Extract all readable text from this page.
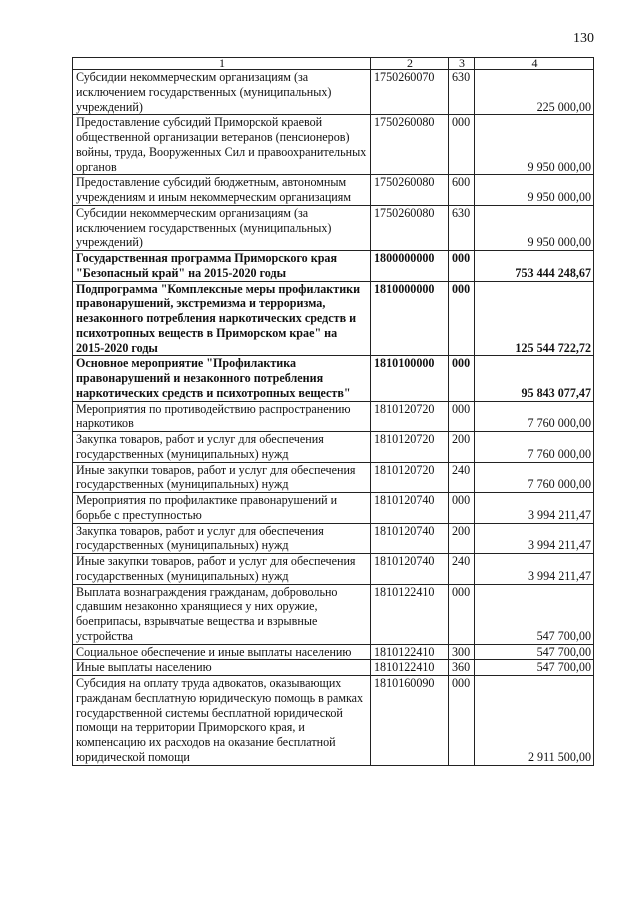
130
1	2	3	4
Субсидии некоммерческим организациям (за исключением государственных (муниципальных) учреждений)	1750260070	630	225 000,00
Предоставление субсидий Приморской краевой общественной организации ветеранов (пенсионеров) войны, труда, Вооруженных Сил и правоохранительных органов	1750260080	000	9 950 000,00
Предоставление субсидий бюджетным, автономным учреждениям и иным некоммерческим организациям	1750260080	600	9 950 000,00
Субсидии некоммерческим организациям (за исключением государственных (муниципальных) учреждений)	1750260080	630	9 950 000,00
Государственная программа Приморского края "Безопасный край" на 2015-2020 годы	1800000000	000	753 444 248,67
Подпрограмма "Комплексные меры профилактики правонарушений, экстремизма и терроризма, незаконного потребления наркотических средств и психотропных веществ в Приморском крае" на 2015-2020 годы	1810000000	000	125 544 722,72
Основное мероприятие "Профилактика правонарушений и незаконного потребления наркотических средств и психотропных веществ"	1810100000	000	95 843 077,47
Мероприятия по противодействию распространению наркотиков	1810120720	000	7 760 000,00
Закупка товаров, работ и услуг для обеспечения государственных (муниципальных) нужд	1810120720	200	7 760 000,00
Иные закупки товаров, работ и услуг для обеспечения государственных (муниципальных) нужд	1810120720	240	7 760 000,00
Мероприятия по профилактике правонарушений и борьбе с преступностью	1810120740	000	3 994 211,47
Закупка товаров, работ и услуг для обеспечения государственных (муниципальных) нужд	1810120740	200	3 994 211,47
Иные закупки товаров, работ и услуг для обеспечения государственных (муниципальных) нужд	1810120740	240	3 994 211,47
Выплата вознаграждения гражданам, добровольно сдавшим незаконно хранящиеся у них оружие, боеприпасы, взрывчатые вещества и взрывные устройства	1810122410	000	547 700,00
Социальное обеспечение и иные выплаты населению	1810122410	300	547 700,00
Иные выплаты населению	1810122410	360	547 700,00
Субсидия на оплату труда адвокатов, оказывающих гражданам бесплатную юридическую помощь в рамках государственной системы бесплатной юридической помощи на территории Приморского края, и компенсацию их расходов на оказание бесплатной юридической помощи	1810160090	000	2 911 500,00
